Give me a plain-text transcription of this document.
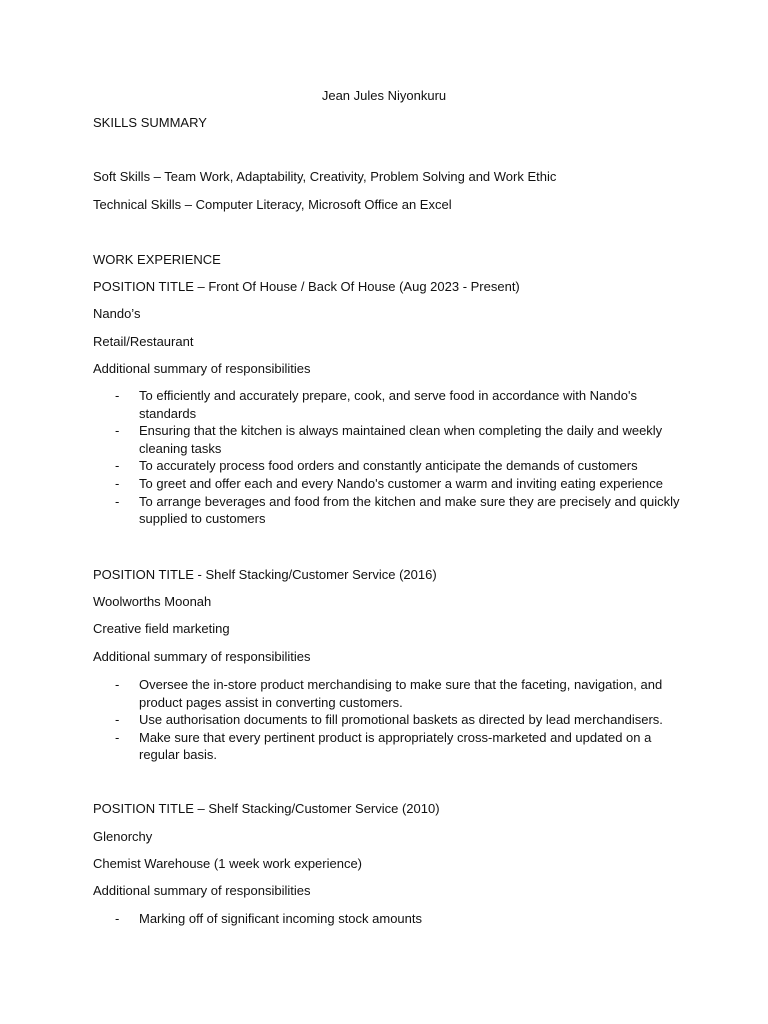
Jean Jules Niyonkuru
SKILLS SUMMARY
Soft Skills – Team Work, Adaptability, Creativity, Problem Solving and Work Ethic
Technical Skills – Computer Literacy, Microsoft Office an Excel
WORK EXPERIENCE
POSITION TITLE – Front Of House / Back Of House (Aug 2023 - Present)
Nando’s
Retail/Restaurant
Additional summary of responsibilities
- To efficiently and accurately prepare, cook, and serve food in accordance with Nando's standards
- Ensuring that the kitchen is always maintained clean when completing the daily and weekly cleaning tasks
- To accurately process food orders and constantly anticipate the demands of customers
- To greet and offer each and every Nando's customer a warm and inviting eating experience
- To arrange beverages and food from the kitchen and make sure they are precisely and quickly supplied to customers
POSITION TITLE - Shelf Stacking/Customer Service (2016)
Woolworths Moonah
Creative field marketing
Additional summary of responsibilities
- Oversee the in-store product merchandising to make sure that the faceting, navigation, and product pages assist in converting customers.
- Use authorisation documents to fill promotional baskets as directed by lead merchandisers.
- Make sure that every pertinent product is appropriately cross-marketed and updated on a regular basis.
POSITION TITLE – Shelf Stacking/Customer Service (2010)
Glenorchy
Chemist Warehouse (1 week work experience)
Additional summary of responsibilities
- Marking off of significant incoming stock amounts
